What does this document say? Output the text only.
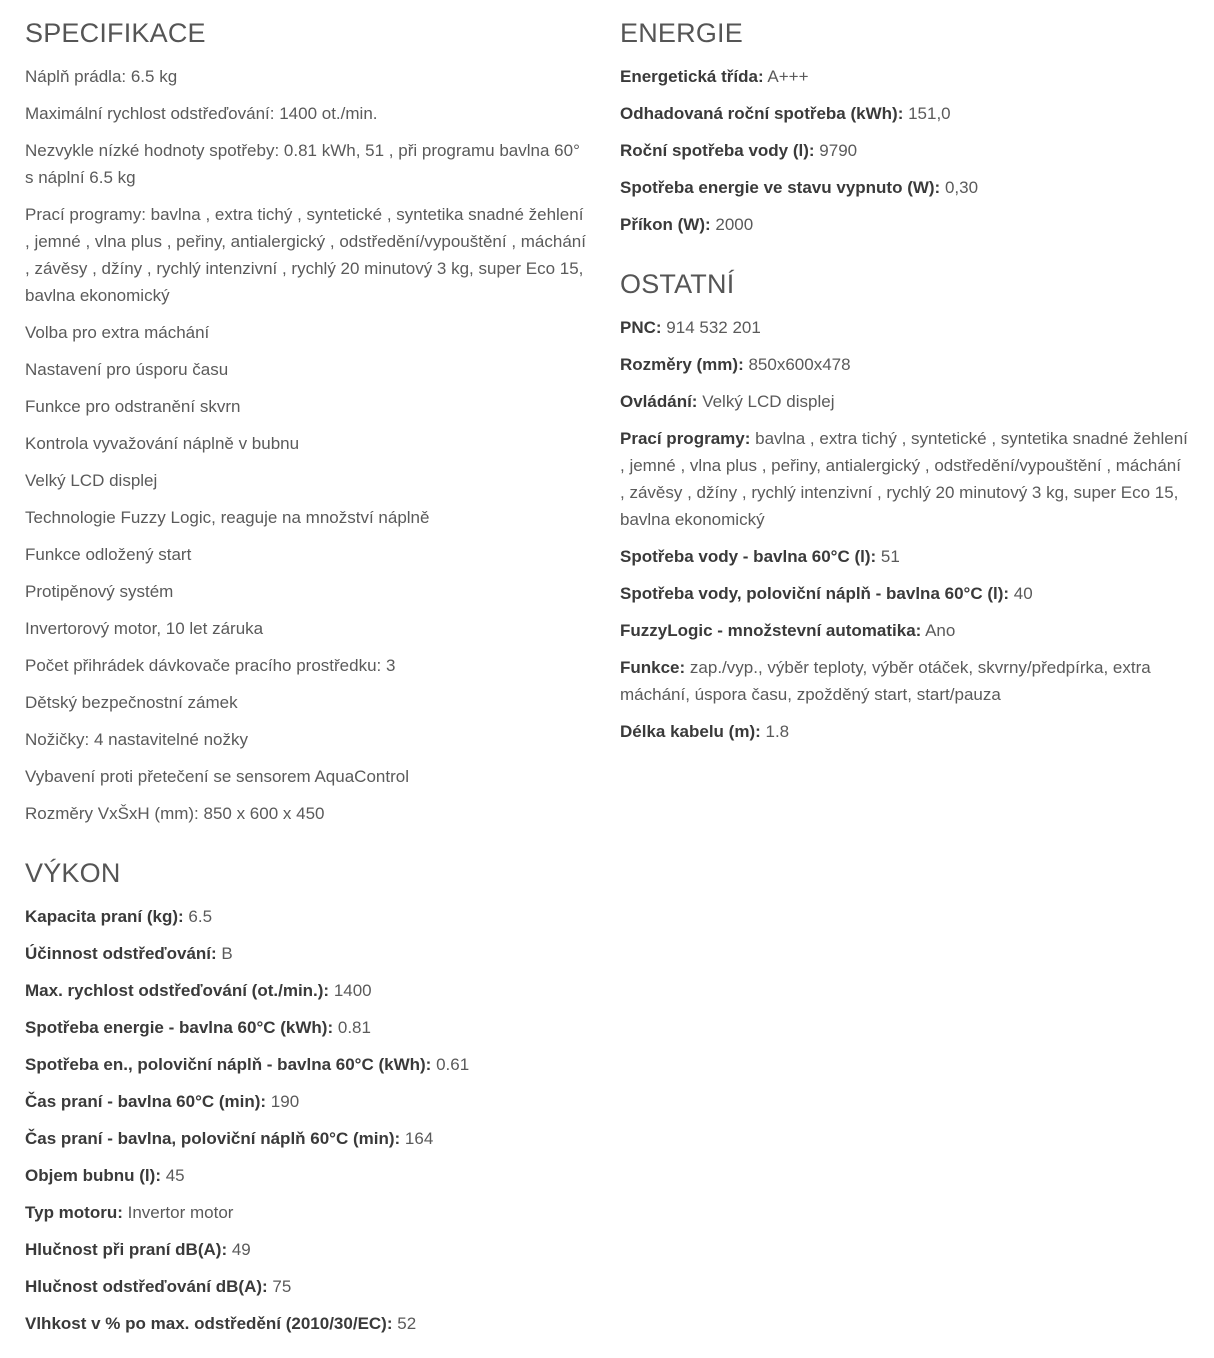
SPECIFIKACE
Náplň prádla: 6.5 kg
Maximální rychlost odstřeďování: 1400 ot./min.
Nezvykle nízké hodnoty spotřeby: 0.81 kWh, 51 , při programu bavlna 60° s náplní 6.5 kg
Prací programy: bavlna , extra tichý , syntetické , syntetika snadné žehlení , jemné , vlna plus , peřiny, antialergický , odstředění/vypouštění , máchání , závěsy , džíny , rychlý intenzivní , rychlý 20 minutový 3 kg, super Eco 15, bavlna ekonomický
Volba pro extra máchání
Nastavení pro úsporu času
Funkce pro odstranění skvrn
Kontrola vyvažování náplně v bubnu
Velký LCD displej
Technologie Fuzzy Logic, reaguje na množství náplně
Funkce odložený start
Protipěnový systém
Invertorový motor, 10 let záruka
Počet přihrádek dávkovače pracího prostředku: 3
Dětský bezpečnostní zámek
Nožičky: 4 nastavitelné nožky
Vybavení proti přetečení se sensorem AquaControl
Rozměry VxŠxH (mm): 850 x 600 x 450
VÝKON
Kapacita praní (kg): 6.5
Účinnost odstřeďování: B
Max. rychlost odstřeďování (ot./min.): 1400
Spotřeba energie - bavlna 60°C (kWh): 0.81
Spotřeba en., poloviční náplň - bavlna 60°C (kWh): 0.61
Čas praní - bavlna 60°C (min): 190
Čas praní - bavlna, poloviční náplň 60°C (min): 164
Objem bubnu (l): 45
Typ motoru: Invertor motor
Hlučnost při praní dB(A): 49
Hlučnost odstřeďování dB(A): 75
Vlhkost v % po max. odstředění (2010/30/EC): 52
ENERGIE
Energetická třída: A+++
Odhadovaná roční spotřeba (kWh): 151,0
Roční spotřeba vody (l): 9790
Spotřeba energie ve stavu vypnuto (W): 0,30
Příkon (W): 2000
OSTATNÍ
PNC: 914 532 201
Rozměry (mm): 850x600x478
Ovládání: Velký LCD displej
Prací programy: bavlna , extra tichý , syntetické , syntetika snadné žehlení , jemné , vlna plus , peřiny, antialergický , odstředění/vypouštění , máchání , závěsy , džíny , rychlý intenzivní , rychlý 20 minutový 3 kg, super Eco 15, bavlna ekonomický
Spotřeba vody - bavlna 60°C (l): 51
Spotřeba vody, poloviční náplň - bavlna 60°C (l): 40
FuzzyLogic - množstevní automatika: Ano
Funkce: zap./vyp., výběr teploty, výběr otáček, skvrny/předpírka, extra máchání, úspora času, zpožděný start, start/pauza
Délka kabelu (m): 1.8
